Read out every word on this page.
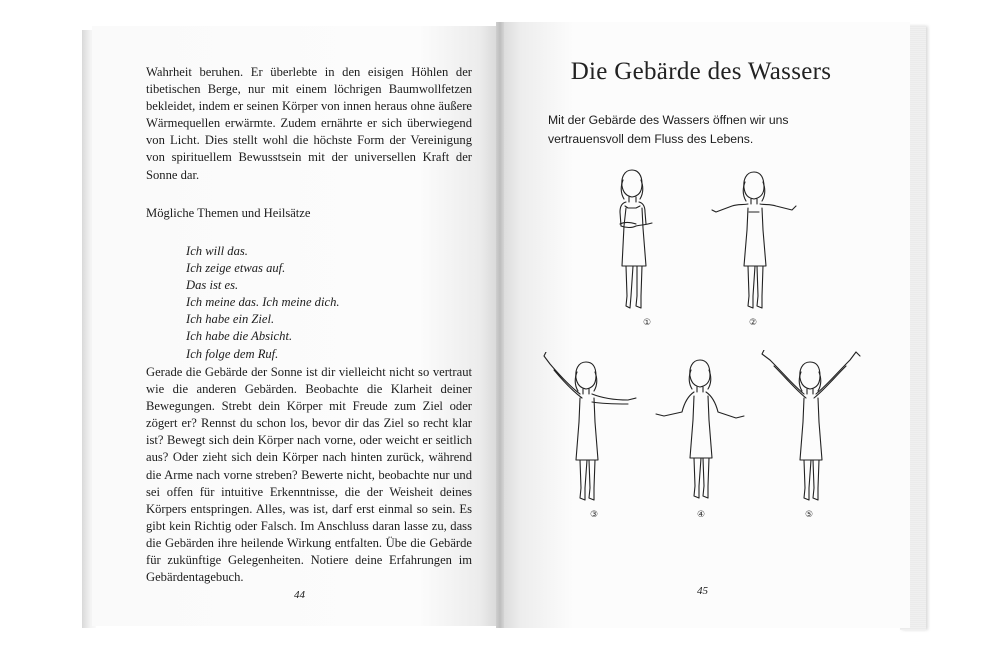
Wahrheit beruhen. Er überlebte in den eisigen Höhlen der tibetischen Berge, nur mit einem löchrigen Baumwollfetzen bekleidet, indem er seinen Körper von innen heraus ohne äußere Wärmequellen erwärmte. Zudem ernährte er sich überwiegend von Licht. Dies stellt wohl die höchste Form der Vereinigung von spirituellem Bewusstsein mit der universellen Kraft der Sonne dar.
Mögliche Themen und Heilsätze
Ich will das.
Ich zeige etwas auf.
Das ist es.
Ich meine das. Ich meine dich.
Ich habe ein Ziel.
Ich habe die Absicht.
Ich folge dem Ruf.
Gerade die Gebärde der Sonne ist dir vielleicht nicht so vertraut wie die anderen Gebärden. Beobachte die Klarheit deiner Bewegungen. Strebt dein Körper mit Freude zum Ziel oder zögert er? Rennst du schon los, bevor dir das Ziel so recht klar ist? Bewegt sich dein Körper nach vorne, oder weicht er seitlich aus? Oder zieht sich dein Körper nach hinten zurück, während die Arme nach vorne streben? Bewerte nicht, beobachte nur und sei offen für intuitive Erkenntnisse, die der Weisheit deines Körpers entspringen. Alles, was ist, darf erst einmal so sein. Es gibt kein Richtig oder Falsch. Im Anschluss daran lasse zu, dass die Gebärden ihre heilende Wirkung entfalten. Übe die Gebärde für zukünftige Gelegenheiten. Notiere deine Erfahrungen im Gebärdentagebuch.
44
Die Gebärde des Wassers
Mit der Gebärde des Wassers öffnen wir uns vertrauensvoll dem Fluss des Lebens.
①	②
③	④	⑤
45
